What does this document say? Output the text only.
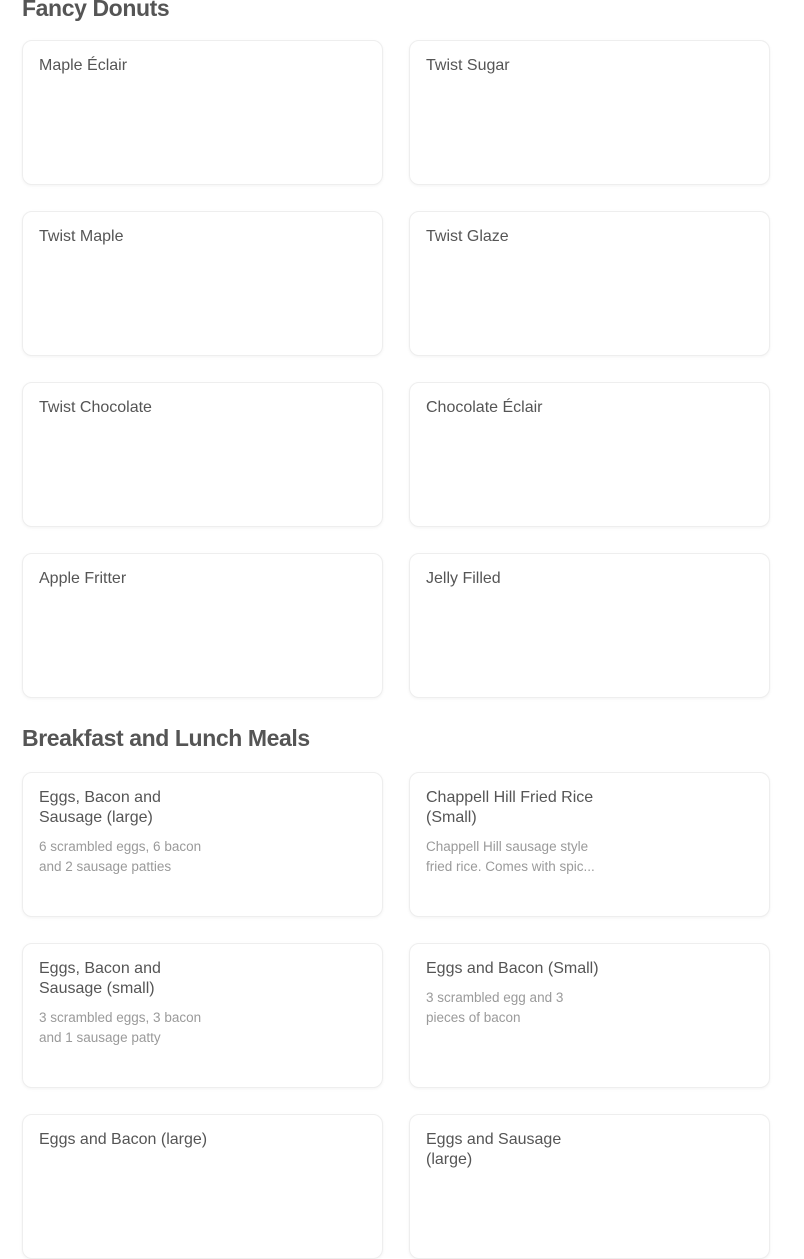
Fancy Donuts
Maple Éclair	Twist Sugar
Twist Maple	Twist Glaze
Twist Chocolate	Chocolate Éclair
Apple Fritter	Jelly Filled
Breakfast and Lunch Meals
Eggs, Bacon and Sausage (large)
6 scrambled eggs, 6 bacon and 2 sausage patties
Chappell Hill Fried Rice (Small)
Chappell Hill sausage style fried rice. Comes with spic...
Eggs, Bacon and Sausage (small)
3 scrambled eggs, 3 bacon and 1 sausage patty
Eggs and Bacon (Small)
3 scrambled egg and 3 pieces of bacon
Eggs and Bacon (large)	Eggs and Sausage (large)
